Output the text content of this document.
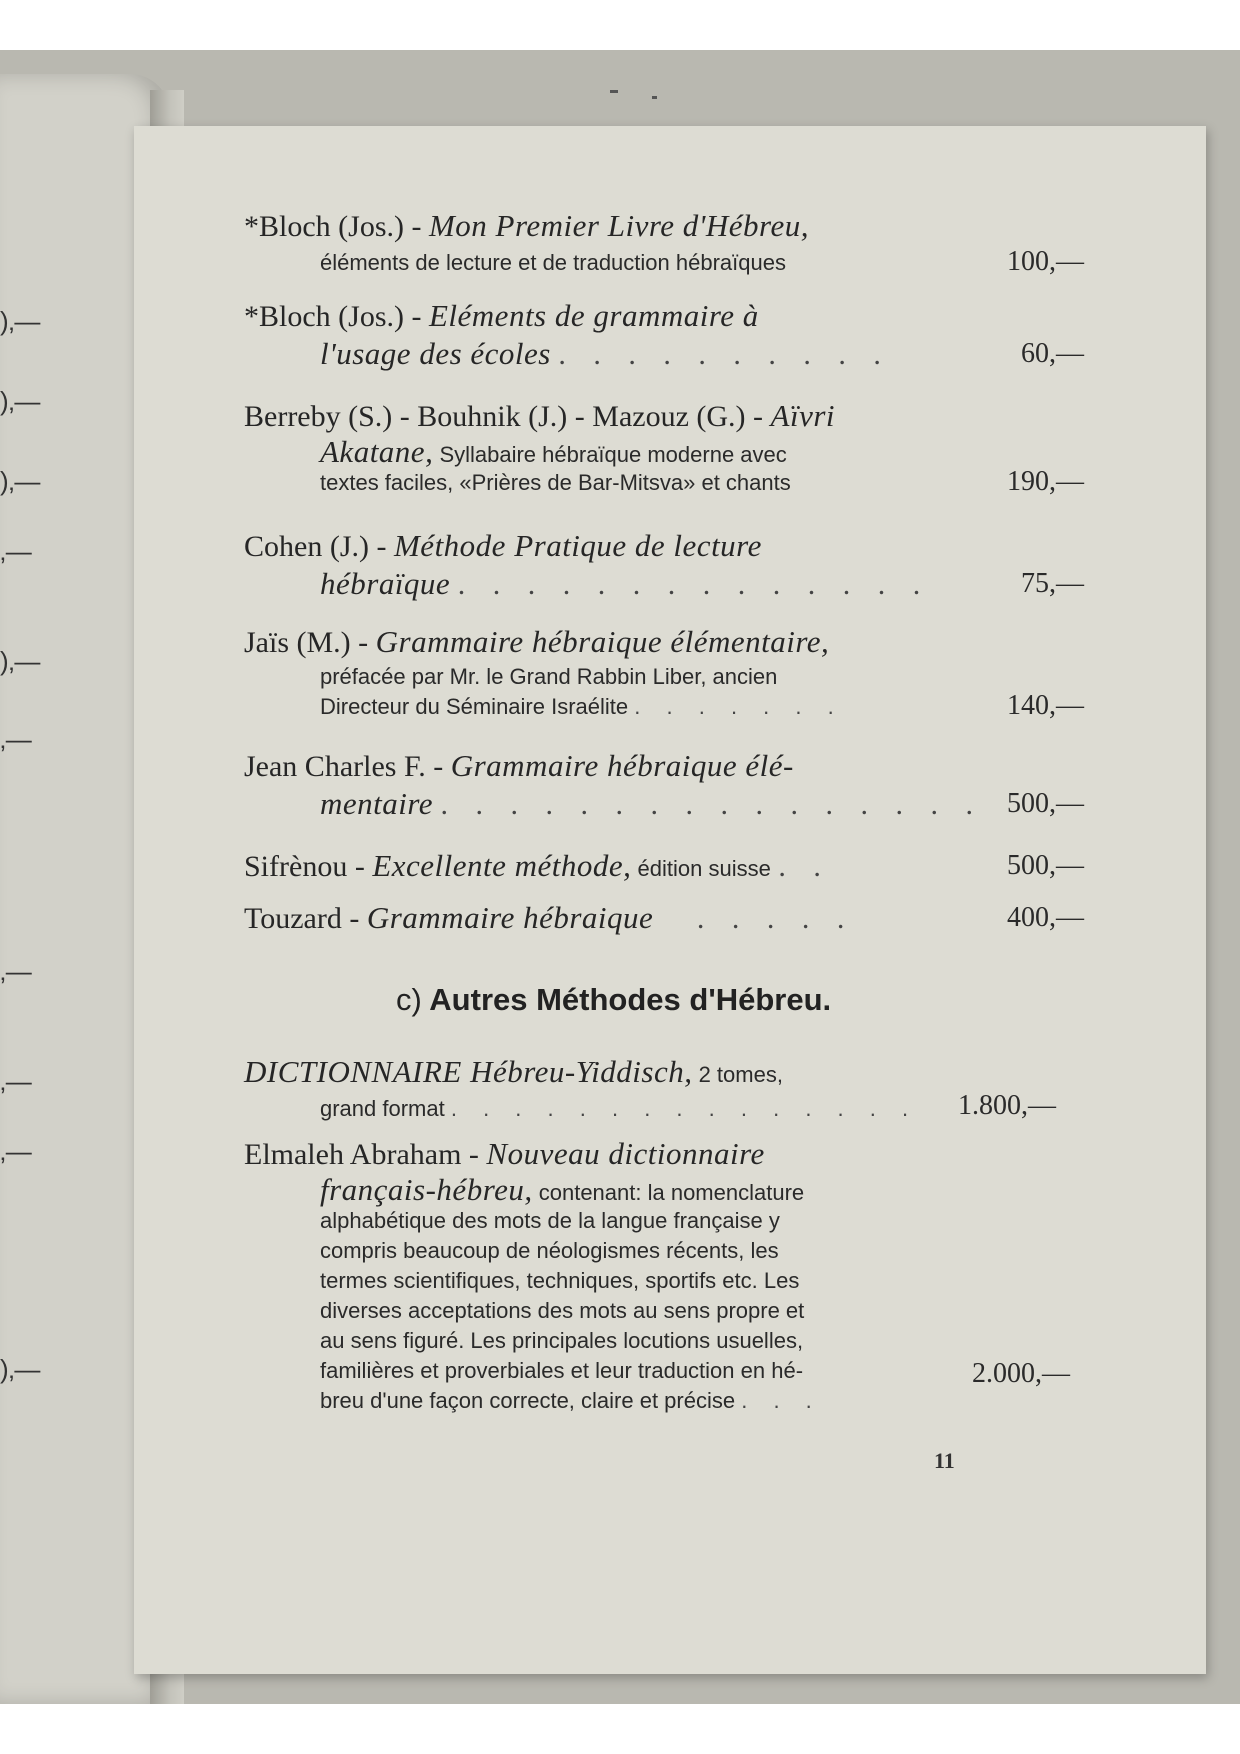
)‚—
)‚—
)‚—
‚—
)‚—
‚—
‚—
‚—
‚—
)‚—
*Bloch (Jos.) - Mon Premier Livre d'Hébreu,
éléments de lecture et de traduction hébraïques	100,—
*Bloch (Jos.) - Eléments de grammaire à
l'usage des écoles . . . . . . . . . .	60,—
Berreby (S.) - Bouhnik (J.) - Mazouz (G.) - Aïvri
Akatane, Syllabaire hébraïque moderne avec
textes faciles, «Prières de Bar-Mitsva» et chants	190,—
Cohen (J.) - Méthode Pratique de lecture
hébraïque . . . . . . . . . . . . . .	75,—
Jaïs (M.) - Grammaire hébraique élémentaire,
préfacée par Mr. le Grand Rabbin Liber, ancien
Directeur du Séminaire Israélite . . . . . . .	140,—
Jean Charles F. - Grammaire hébraique élé-
mentaire . . . . . . . . . . . . . . . . 500,—
Sifrènou - Excellente méthode, édition suisse . .	500,—
Touzard - Grammaire hébraique . . . . .	400,—
c) Autres Méthodes d'Hébreu.
DICTIONNAIRE Hébreu-Yiddisch, 2 tomes,
grand format . . . . . . . . . . . . . . . 1.800,—
Elmaleh Abraham - Nouveau dictionnaire
français-hébreu, contenant: la nomenclature
alphabétique des mots de la langue française y
compris beaucoup de néologismes récents, les
termes scientifiques, techniques, sportifs etc. Les
diverses acceptations des mots au sens propre et
au sens figuré. Les principales locutions usuelles,
familières et proverbiales et leur traduction en hé-
breu d'une façon correcte, claire et précise . . .
2.000,—
11
